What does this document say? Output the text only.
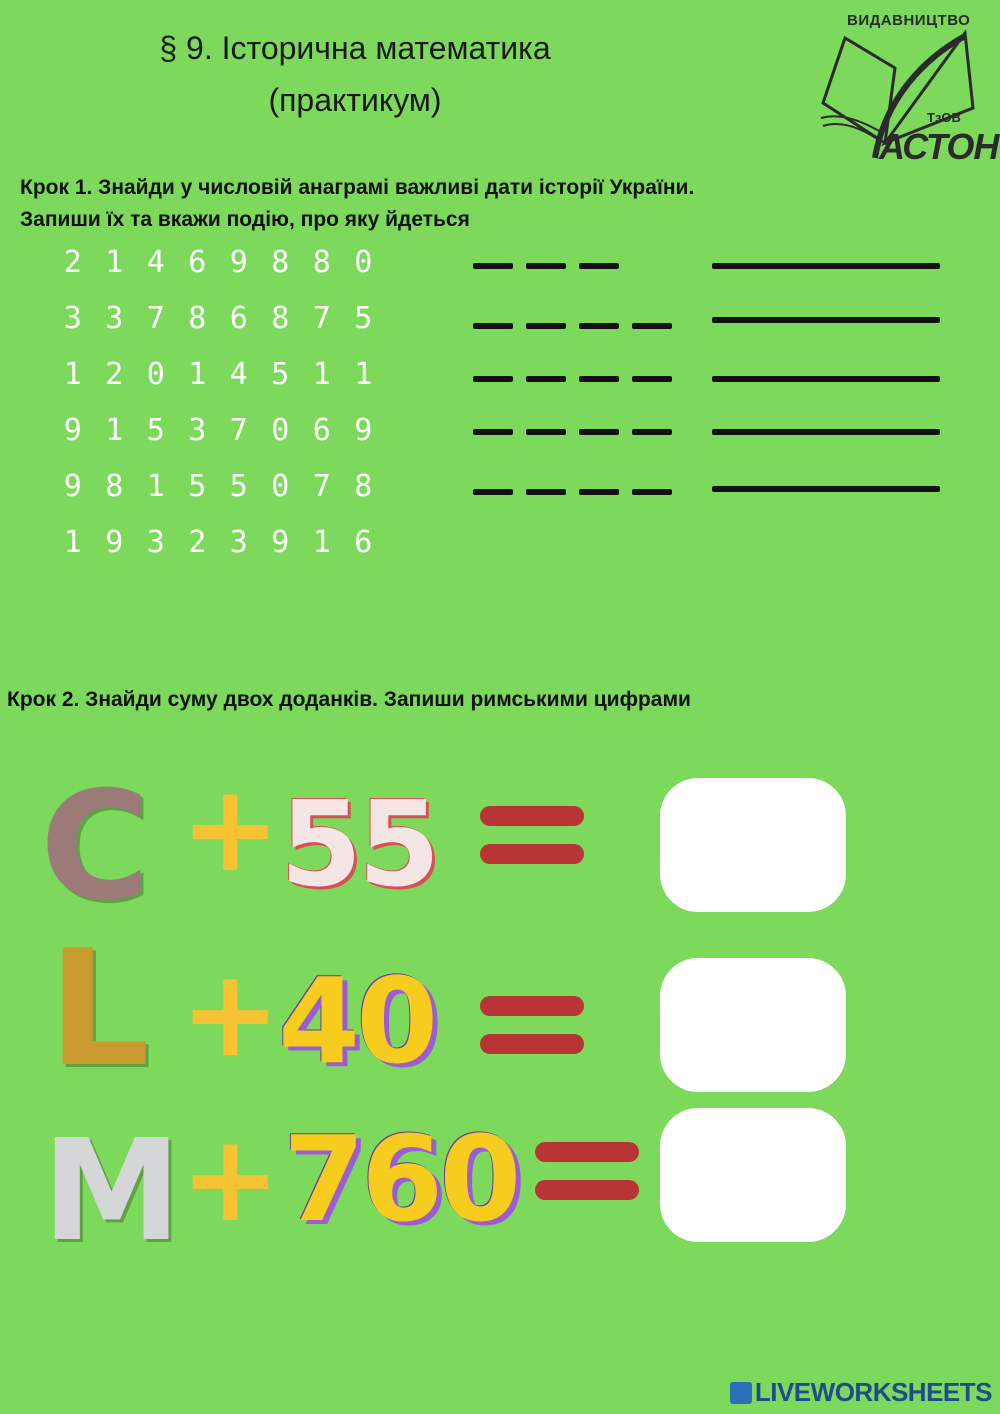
§ 9. Історична математика
(практикум)
ВИДАВНИЦТВО
ТзОВ
АСТОН
Крок 1. Знайди у числовій анаграмі важливі дати історії України. Запиши їх та вкажи подію, про яку йдеться
2 1 4 6 9 8 8 0
3 3 7 8 6 8 7 5
1 2 0 1 4 5 1 1
9 1 5 3 7 0 6 9
9 8 1 5 5 0 7 8
1 9 3 2 3 9 1 6
Крок 2. Знайди суму двох доданків. Запиши римськими цифрами
C + 55
L +
40
M
+ 760
LIVEWORKSHEETS
